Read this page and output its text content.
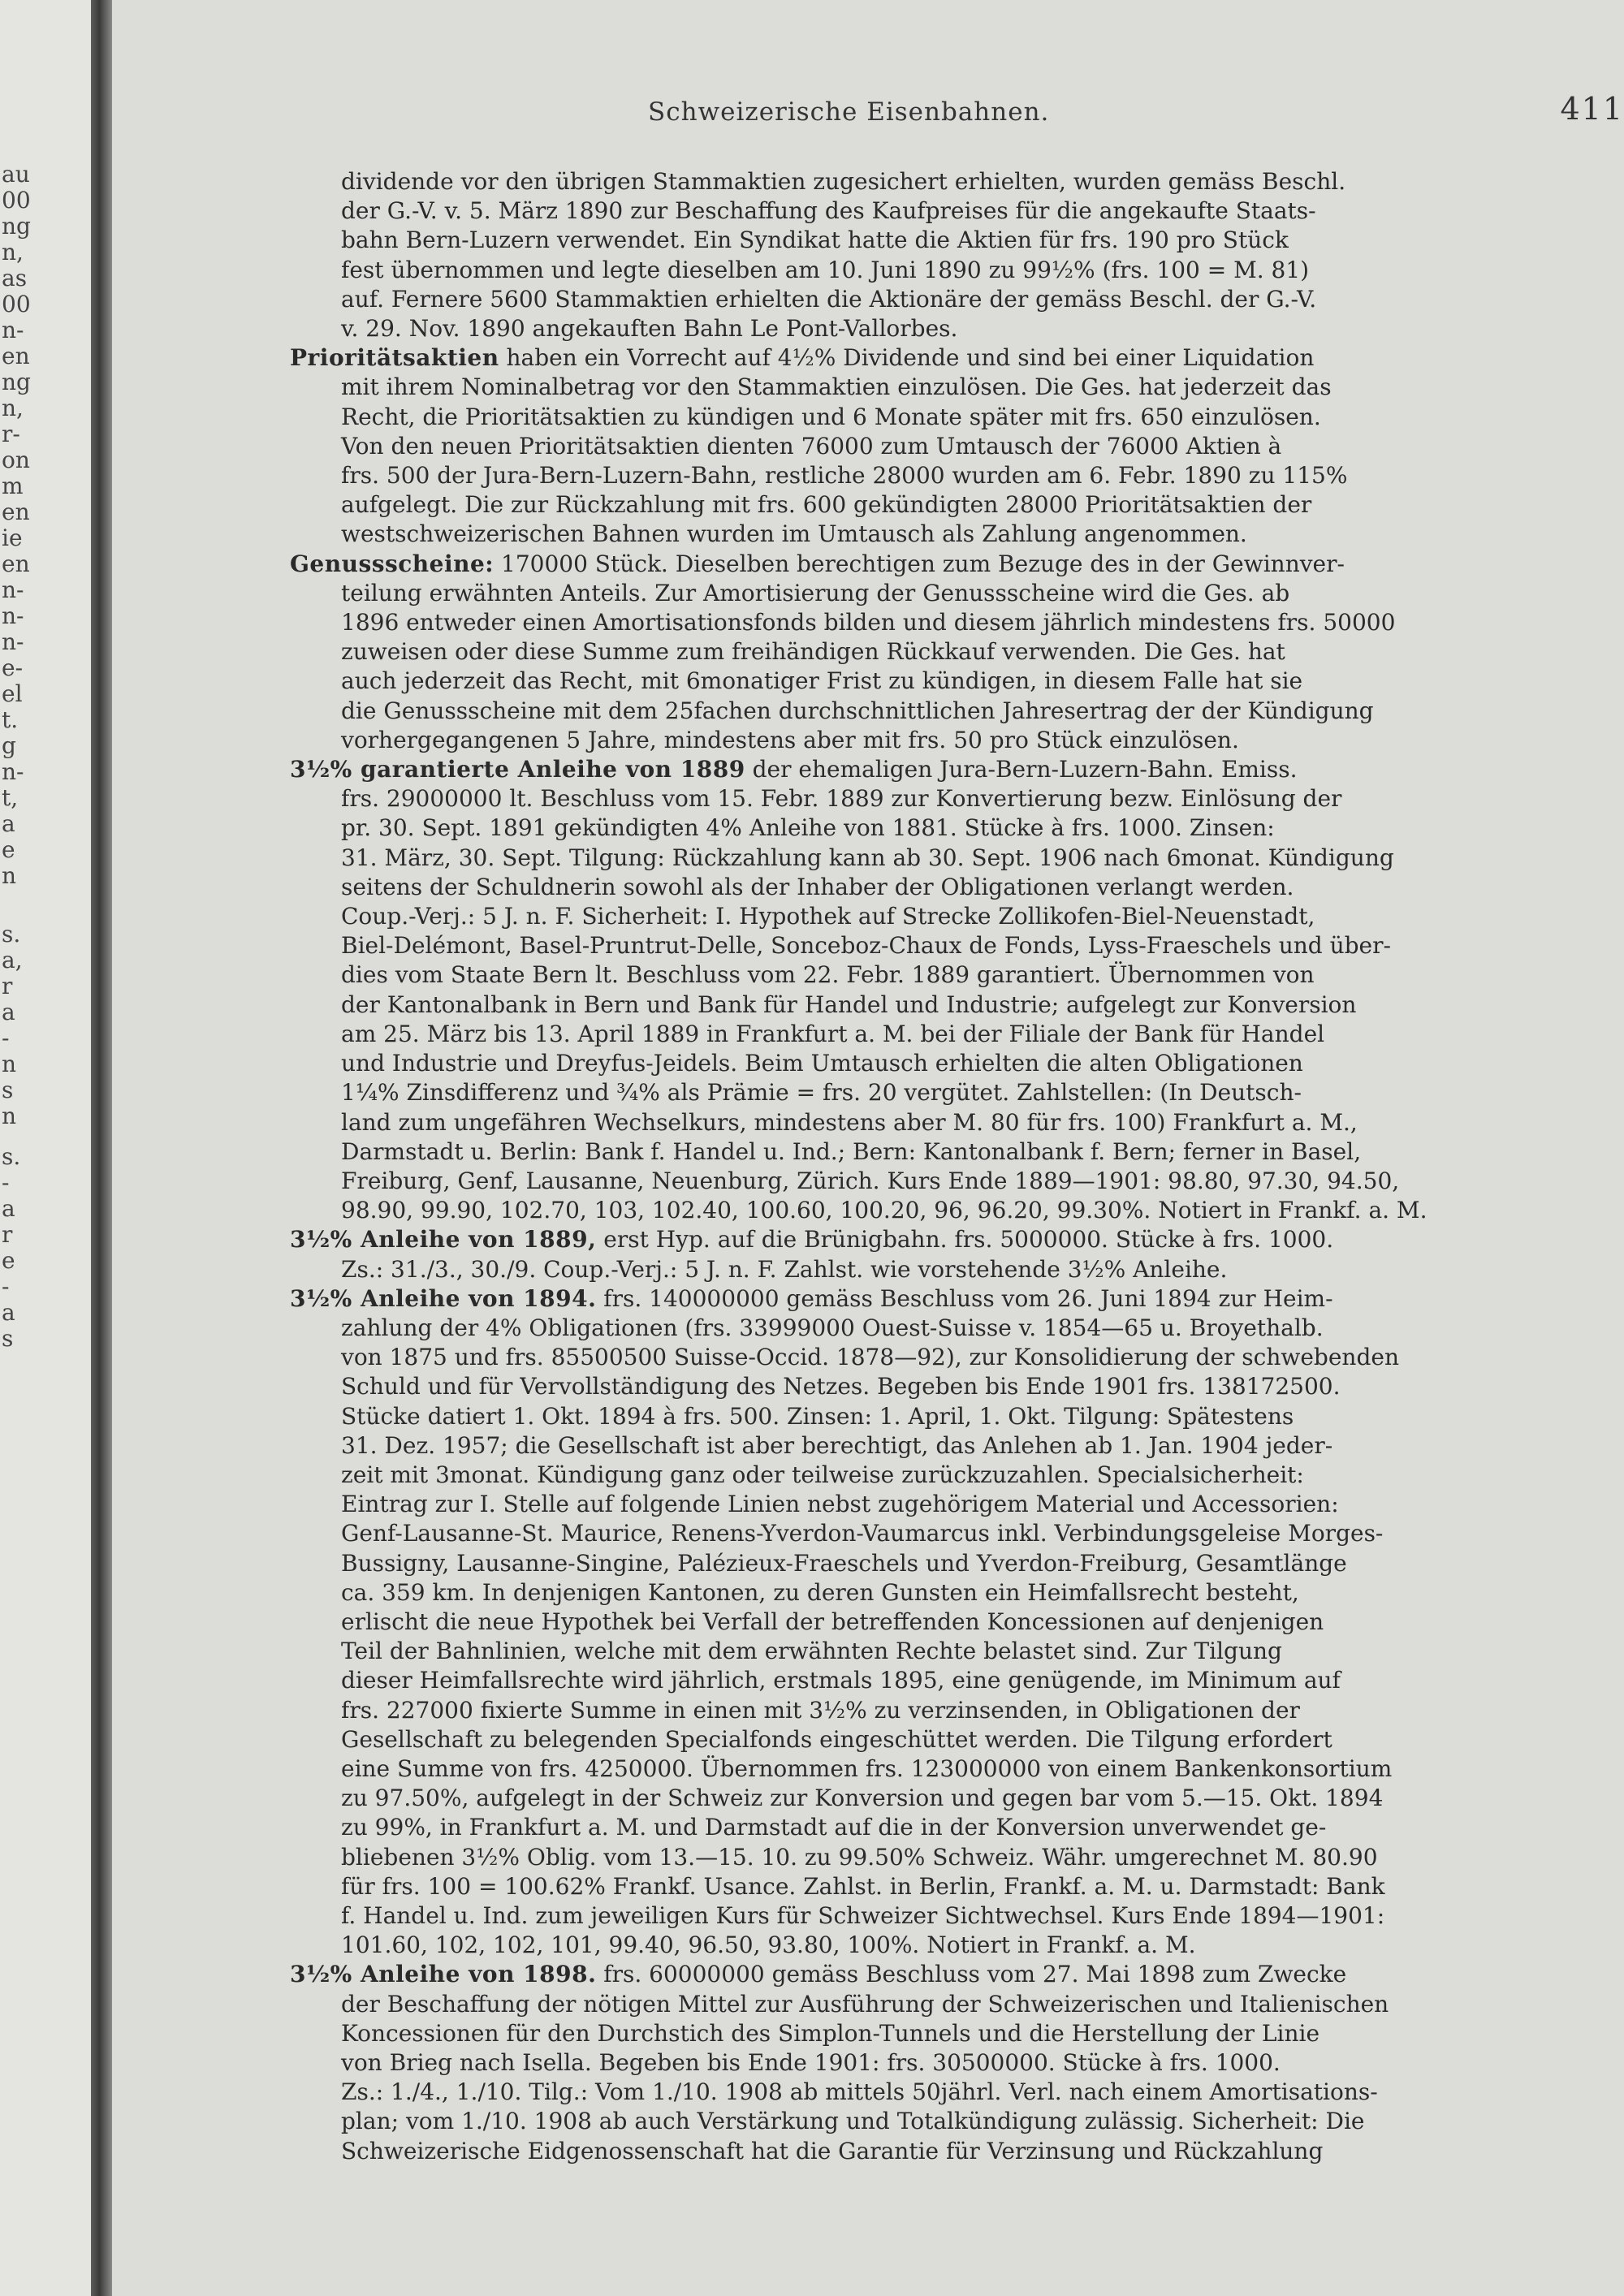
au
00
ng
n,
as
00
n-
en
ng
n,
r-
on
m
en
ie
en
n-
n-
n-
e-
el
t.
g
n-
t,
a
e
n
s.
a,
r
a
-
n
s
n
s.
-
a
r
e
-
a
s
Schweizerische Eisenbahnen.	411
dividende vor den übrigen Stammaktien zugesichert erhielten, wurden gemäss Beschl.
der G.-V. v. 5. März 1890 zur Beschaffung des Kaufpreises für die angekaufte Staats-
bahn Bern-Luzern verwendet. Ein Syndikat hatte die Aktien für frs. 190 pro Stück
fest übernommen und legte dieselben am 10. Juni 1890 zu 99½% (frs. 100 = M. 81)
auf. Fernere 5600 Stammaktien erhielten die Aktionäre der gemäss Beschl. der G.-V.
v. 29. Nov. 1890 angekauften Bahn Le Pont-Vallorbes.
Prioritätsaktien haben ein Vorrecht auf 4½% Dividende und sind bei einer Liquidation
mit ihrem Nominalbetrag vor den Stammaktien einzulösen. Die Ges. hat jederzeit das
Recht, die Prioritätsaktien zu kündigen und 6 Monate später mit frs. 650 einzulösen.
Von den neuen Prioritätsaktien dienten 76000 zum Umtausch der 76000 Aktien à
frs. 500 der Jura-Bern-Luzern-Bahn, restliche 28000 wurden am 6. Febr. 1890 zu 115%
aufgelegt. Die zur Rückzahlung mit frs. 600 gekündigten 28000 Prioritätsaktien der
westschweizerischen Bahnen wurden im Umtausch als Zahlung angenommen.
Genussscheine: 170000 Stück. Dieselben berechtigen zum Bezuge des in der Gewinnver-
teilung erwähnten Anteils. Zur Amortisierung der Genussscheine wird die Ges. ab
1896 entweder einen Amortisationsfonds bilden und diesem jährlich mindestens frs. 50000
zuweisen oder diese Summe zum freihändigen Rückkauf verwenden. Die Ges. hat
auch jederzeit das Recht, mit 6monatiger Frist zu kündigen, in diesem Falle hat sie
die Genussscheine mit dem 25fachen durchschnittlichen Jahresertrag der der Kündigung
vorhergegangenen 5 Jahre, mindestens aber mit frs. 50 pro Stück einzulösen.
3½% garantierte Anleihe von 1889 der ehemaligen Jura-Bern-Luzern-Bahn. Emiss.
frs. 29000000 lt. Beschluss vom 15. Febr. 1889 zur Konvertierung bezw. Einlösung der
pr. 30. Sept. 1891 gekündigten 4% Anleihe von 1881. Stücke à frs. 1000. Zinsen:
31. März, 30. Sept. Tilgung: Rückzahlung kann ab 30. Sept. 1906 nach 6monat. Kündigung
seitens der Schuldnerin sowohl als der Inhaber der Obligationen verlangt werden.
Coup.-Verj.: 5 J. n. F. Sicherheit: I. Hypothek auf Strecke Zollikofen-Biel-Neuenstadt,
Biel-Delémont, Basel-Pruntrut-Delle, Sonceboz-Chaux de Fonds, Lyss-Fraeschels und über-
dies vom Staate Bern lt. Beschluss vom 22. Febr. 1889 garantiert. Übernommen von
der Kantonalbank in Bern und Bank für Handel und Industrie; aufgelegt zur Konversion
am 25. März bis 13. April 1889 in Frankfurt a. M. bei der Filiale der Bank für Handel
und Industrie und Dreyfus-Jeidels. Beim Umtausch erhielten die alten Obligationen
1¼% Zinsdifferenz und ¾% als Prämie = frs. 20 vergütet. Zahlstellen: (In Deutsch-
land zum ungefähren Wechselkurs, mindestens aber M. 80 für frs. 100) Frankfurt a. M.,
Darmstadt u. Berlin: Bank f. Handel u. Ind.; Bern: Kantonalbank f. Bern; ferner in Basel,
Freiburg, Genf, Lausanne, Neuenburg, Zürich. Kurs Ende 1889—1901: 98.80, 97.30, 94.50,
98.90, 99.90, 102.70, 103, 102.40, 100.60, 100.20, 96, 96.20, 99.30%. Notiert in Frankf. a. M.
3½% Anleihe von 1889, erst Hyp. auf die Brünigbahn. frs. 5000000. Stücke à frs. 1000.
Zs.: 31./3., 30./9. Coup.-Verj.: 5 J. n. F. Zahlst. wie vorstehende 3½% Anleihe.
3½% Anleihe von 1894. frs. 140000000 gemäss Beschluss vom 26. Juni 1894 zur Heim-
zahlung der 4% Obligationen (frs. 33999000 Ouest-Suisse v. 1854—65 u. Broyethalb.
von 1875 und frs. 85500500 Suisse-Occid. 1878—92), zur Konsolidierung der schwebenden
Schuld und für Vervollständigung des Netzes. Begeben bis Ende 1901 frs. 138172500.
Stücke datiert 1. Okt. 1894 à frs. 500. Zinsen: 1. April, 1. Okt. Tilgung: Spätestens
31. Dez. 1957; die Gesellschaft ist aber berechtigt, das Anlehen ab 1. Jan. 1904 jeder-
zeit mit 3monat. Kündigung ganz oder teilweise zurückzuzahlen. Specialsicherheit:
Eintrag zur I. Stelle auf folgende Linien nebst zugehörigem Material und Accessorien:
Genf-Lausanne-St. Maurice, Renens-Yverdon-Vaumarcus inkl. Verbindungsgeleise Morges-
Bussigny, Lausanne-Singine, Palézieux-Fraeschels und Yverdon-Freiburg, Gesamtlänge
ca. 359 km. In denjenigen Kantonen, zu deren Gunsten ein Heimfallsrecht besteht,
erlischt die neue Hypothek bei Verfall der betreffenden Koncessionen auf denjenigen
Teil der Bahnlinien, welche mit dem erwähnten Rechte belastet sind. Zur Tilgung
dieser Heimfallsrechte wird jährlich, erstmals 1895, eine genügende, im Minimum auf
frs. 227000 fixierte Summe in einen mit 3½% zu verzinsenden, in Obligationen der
Gesellschaft zu belegenden Specialfonds eingeschüttet werden. Die Tilgung erfordert
eine Summe von frs. 4250000. Übernommen frs. 123000000 von einem Bankenkonsortium
zu 97.50%, aufgelegt in der Schweiz zur Konversion und gegen bar vom 5.—15. Okt. 1894
zu 99%, in Frankfurt a. M. und Darmstadt auf die in der Konversion unverwendet ge-
bliebenen 3½% Oblig. vom 13.—15. 10. zu 99.50% Schweiz. Währ. umgerechnet M. 80.90
für frs. 100 = 100.62% Frankf. Usance. Zahlst. in Berlin, Frankf. a. M. u. Darmstadt: Bank
f. Handel u. Ind. zum jeweiligen Kurs für Schweizer Sichtwechsel. Kurs Ende 1894—1901:
101.60, 102, 102, 101, 99.40, 96.50, 93.80, 100%. Notiert in Frankf. a. M.
3½% Anleihe von 1898. frs. 60000000 gemäss Beschluss vom 27. Mai 1898 zum Zwecke
der Beschaffung der nötigen Mittel zur Ausführung der Schweizerischen und Italienischen
Koncessionen für den Durchstich des Simplon-Tunnels und die Herstellung der Linie
von Brieg nach Isella. Begeben bis Ende 1901: frs. 30500000. Stücke à frs. 1000.
Zs.: 1./4., 1./10. Tilg.: Vom 1./10. 1908 ab mittels 50jährl. Verl. nach einem Amortisations-
plan; vom 1./10. 1908 ab auch Verstärkung und Totalkündigung zulässig. Sicherheit: Die
Schweizerische Eidgenossenschaft hat die Garantie für Verzinsung und Rückzahlung
